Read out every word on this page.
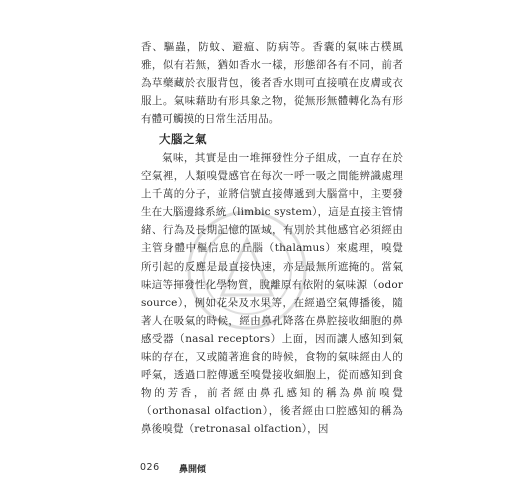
香、驅蟲，防蚊、避瘟、防病等。香囊的氣味古樸風雅，似有若無，猶如香水一樣，形態卻各有不同，前者為草藥藏於衣服背包，後者香水則可直接噴在皮膚或衣服上。氣味藉助有形具象之物，從無形無體轉化為有形有體可觸摸的日常生活用品。

大腦之氣

氣味，其實是由一堆揮發性分子組成，一直存在於空氣裡，人類嗅覺感官在每次一呼一吸之間能辨識處理上千萬的分子，並將信號直接傳遞到大腦當中，主要發生在大腦邊緣系統（limbic system），這是直接主管情緒、行為及長期記憶的區域，有別於其他感官必須經由主管身體中樞信息的丘腦（thalamus）來處理，嗅覺所引起的反應是最直接快速，亦是最無所遮掩的。當氣味這等揮發性化學物質，脫離原有依附的氣味源（odor source），例如花朵及水果等，在經過空氣傳播後，隨著人在吸氣的時候，經由鼻孔降落在鼻腔接收細胞的鼻感受器（nasal receptors）上面，因而讓人感知到氣味的存在，又或隨著進食的時候，食物的氣味經由人的呼氣，透過口腔傳遞至嗅覺接收細胞上，從而感知到食物的芳香，前者經由鼻孔感知的稱為鼻前嗅覺（orthonasal olfaction），後者經由口腔感知的稱為鼻後嗅覺（retronasal olfaction），因

026 鼻開傾
